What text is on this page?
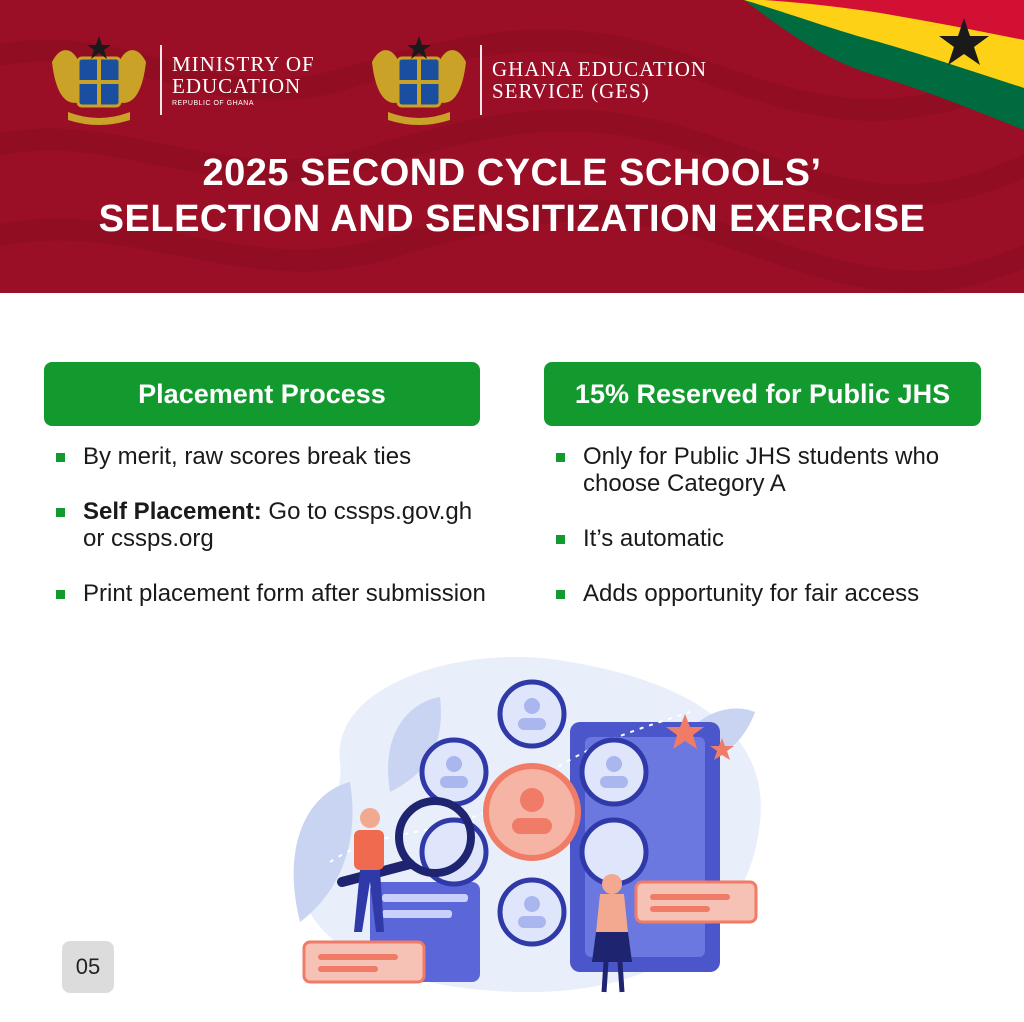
MINISTRY OF
EDUCATION
REPUBLIC OF GHANA
GHANA EDUCATION
SERVICE (GES)
2025 SECOND CYCLE SCHOOLS’
SELECTION AND SENSITIZATION EXERCISE
Placement Process	15% Reserved for Public JHS
By merit, raw scores break ties
Self Placement: Go to cssps.gov.gh or cssps.org
Print placement form after submission
Only for Public JHS students who choose Category A
It’s automatic
Adds opportunity for fair access
05
